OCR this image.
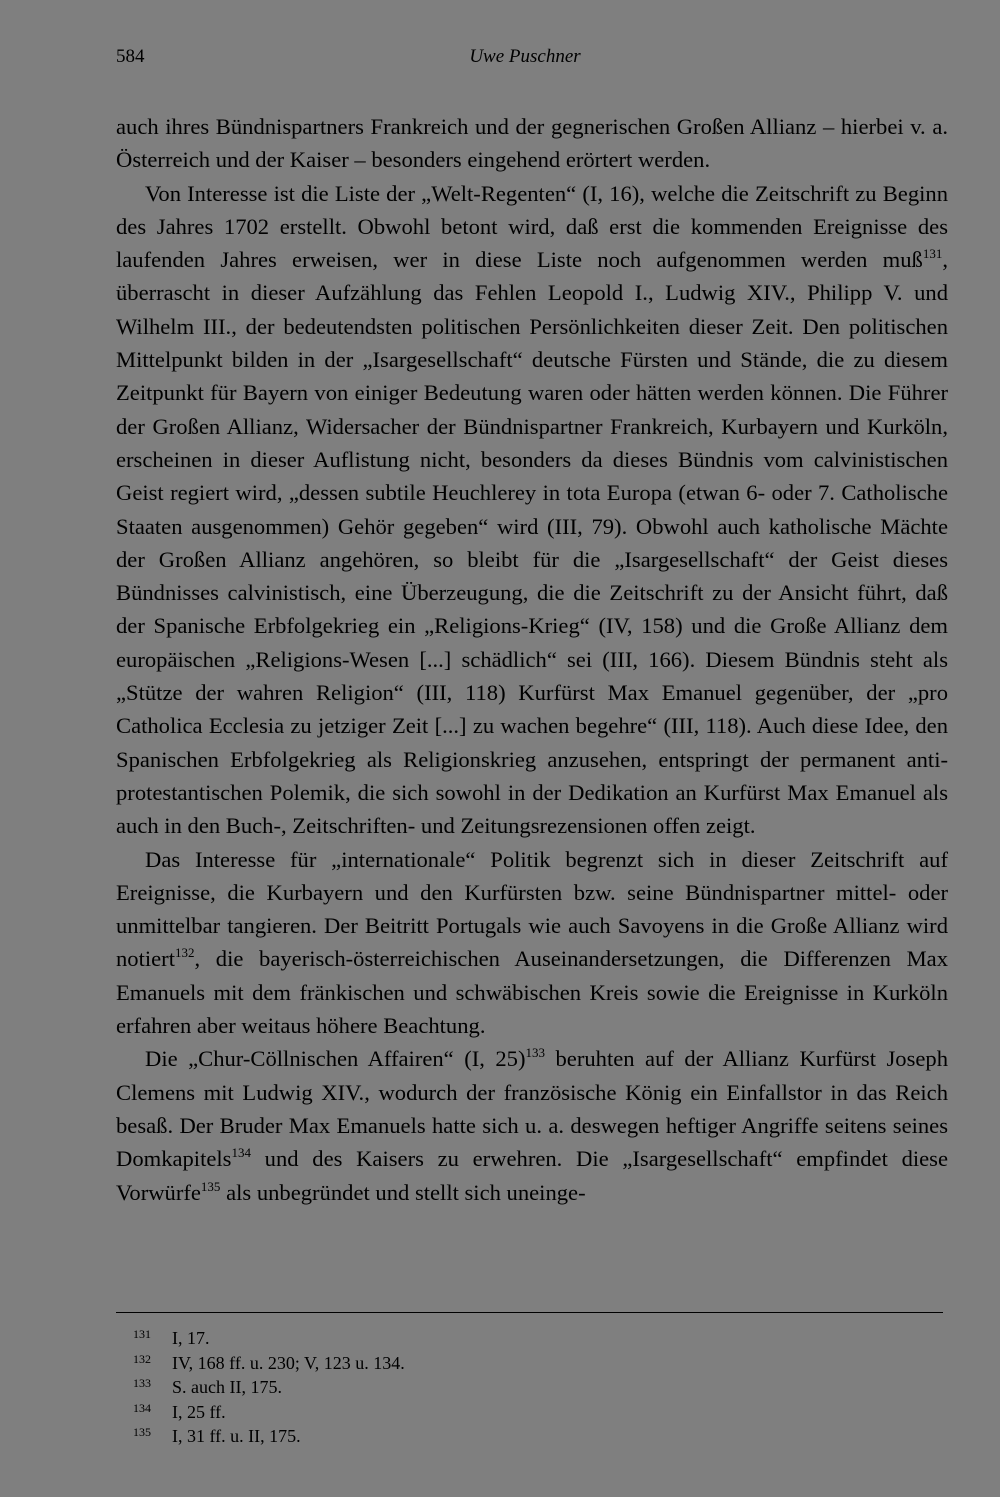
584	Uwe Puschner

auch ihres Bündnispartners Frankreich und der gegnerischen Großen Allianz – hierbei v. a. Österreich und der Kaiser – besonders eingehend erörtert werden.

Von Interesse ist die Liste der „Welt-Regenten“ (I, 16), welche die Zeitschrift zu Beginn des Jahres 1702 erstellt. Obwohl betont wird, daß erst die kommenden Ereignisse des laufenden Jahres erweisen, wer in diese Liste noch aufgenommen werden muß$^{131}$, überrascht in dieser Aufzählung das Fehlen Leopold I., Ludwig XIV., Philipp V. und Wilhelm III., der bedeutendsten politischen Persönlichkeiten dieser Zeit. Den politischen Mittelpunkt bilden in der „Isargesellschaft“ deutsche Fürsten und Stände, die zu diesem Zeitpunkt für Bayern von einiger Bedeutung waren oder hätten werden können. Die Führer der Großen Allianz, Widersacher der Bündnispartner Frankreich, Kurbayern und Kurköln, erscheinen in dieser Auflistung nicht, besonders da dieses Bündnis vom calvinistischen Geist regiert wird, „dessen subtile Heuchlerey in tota Europa (etwan 6- oder 7. Catholische Staaten ausgenommen) Gehör gegeben“ wird (III, 79). Obwohl auch katholische Mächte der Großen Allianz angehören, so bleibt für die „Isargesellschaft“ der Geist dieses Bündnisses calvinistisch, eine Überzeugung, die die Zeitschrift zu der Ansicht führt, daß der Spanische Erbfolgekrieg ein „Religions-Krieg“ (IV, 158) und die Große Allianz dem europäischen „Religions-Wesen [...] schädlich“ sei (III, 166). Diesem Bündnis steht als „Stütze der wahren Religion“ (III, 118) Kurfürst Max Emanuel gegenüber, der „pro Catholica Ecclesia zu jetziger Zeit [...] zu wachen begehre“ (III, 118). Auch diese Idee, den Spanischen Erbfolgekrieg als Religionskrieg anzusehen, entspringt der permanent anti-protestantischen Polemik, die sich sowohl in der Dedikation an Kurfürst Max Emanuel als auch in den Buch-, Zeitschriften- und Zeitungsrezensionen offen zeigt.

Das Interesse für „internationale“ Politik begrenzt sich in dieser Zeitschrift auf Ereignisse, die Kurbayern und den Kurfürsten bzw. seine Bündnispartner mittel- oder unmittelbar tangieren. Der Beitritt Portugals wie auch Savoyens in die Große Allianz wird notiert$^{132}$, die bayerisch-österreichischen Auseinandersetzungen, die Differenzen Max Emanuels mit dem fränkischen und schwäbischen Kreis sowie die Ereignisse in Kurköln erfahren aber weitaus höhere Beachtung.

Die „Chur-Cöllnischen Affairen“ (I, 25)$^{133}$ beruhten auf der Allianz Kurfürst Joseph Clemens mit Ludwig XIV., wodurch der französische König ein Einfallstor in das Reich besaß. Der Bruder Max Emanuels hatte sich u. a. deswegen heftiger Angriffe seitens seines Domkapitels$^{134}$ und des Kaisers zu erwehren. Die „Isargesellschaft“ empfindet diese Vorwürfe$^{135}$ als unbegründet und stellt sich uneinge-

131	I, 17.
132	IV, 168 ff. u. 230; V, 123 u. 134.
133	S. auch II, 175.
134	I, 25 ff.
135	I, 31 ff. u. II, 175.
